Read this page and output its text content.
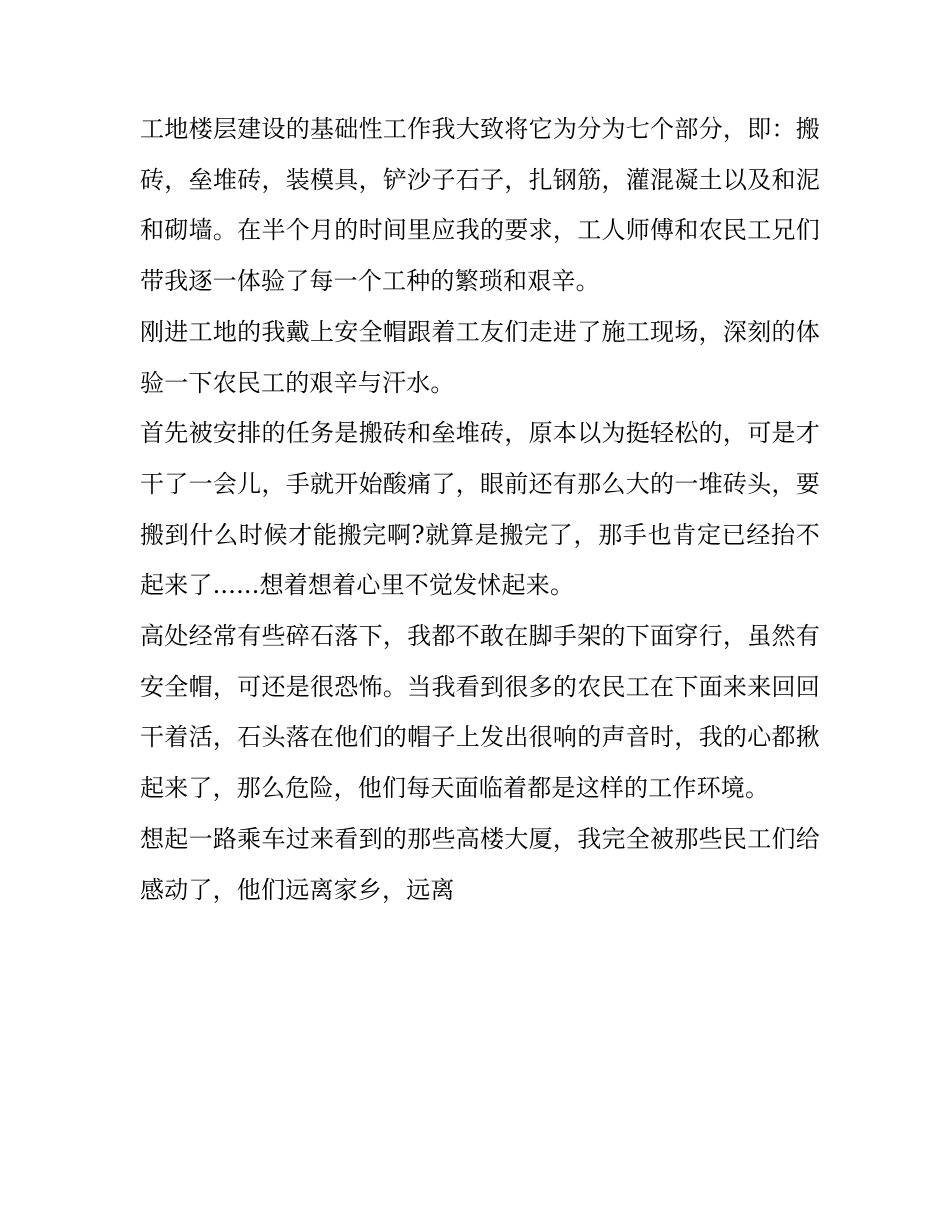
工地楼层建设的基础性工作我大致将它为分为七个部分，即：搬砖，垒堆砖，装模具，铲沙子石子，扎钢筋，灌混凝土以及和泥和砌墙。在半个月的时间里应我的要求，工人师傅和农民工兄们带我逐一体验了每一个工种的繁琐和艰辛。

刚进工地的我戴上安全帽跟着工友们走进了施工现场，深刻的体验一下农民工的艰辛与汗水。

首先被安排的任务是搬砖和垒堆砖，原本以为挺轻松的，可是才干了一会儿，手就开始酸痛了，眼前还有那么大的一堆砖头，要搬到什么时候才能搬完啊?就算是搬完了，那手也肯定已经抬不起来了......想着想着心里不觉发怵起来。

高处经常有些碎石落下，我都不敢在脚手架的下面穿行，虽然有安全帽，可还是很恐怖。当我看到很多的农民工在下面来来回回干着活，石头落在他们的帽子上发出很响的声音时，我的心都揪起来了，那么危险，他们每天面临着都是这样的工作环境。

想起一路乘车过来看到的那些高楼大厦，我完全被那些民工们给感动了，他们远离家乡，远离
